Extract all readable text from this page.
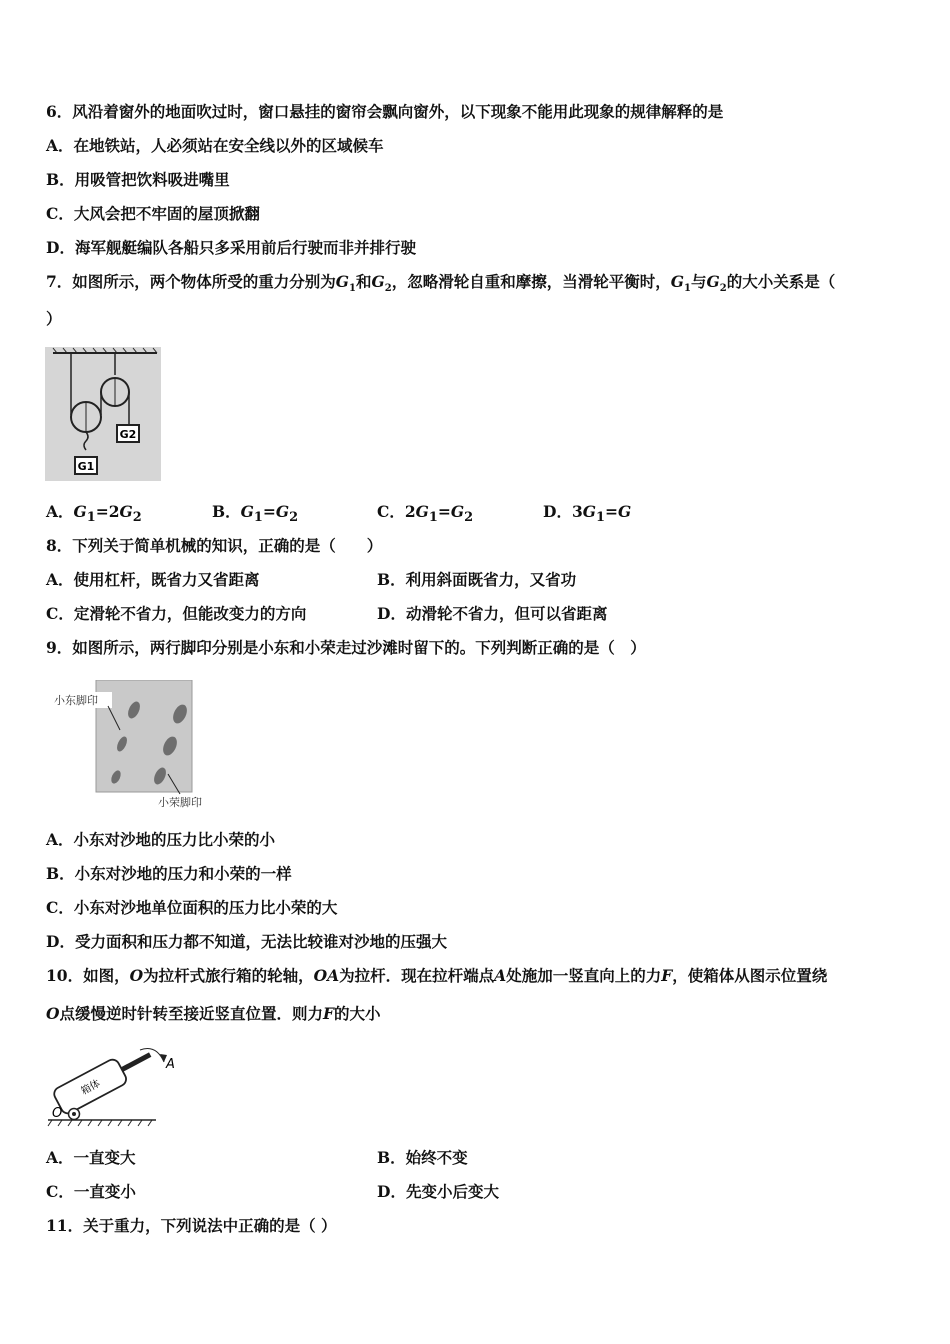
6．风沿着窗外的地面吹过时，窗口悬挂的窗帘会飘向窗外，以下现象不能用此现象的规律解释的是
A．在地铁站，人必须站在安全线以外的区域候车
B．用吸管把饮料吸进嘴里
C．大风会把不牢固的屋顶掀翻
D．海军舰艇编队各船只多采用前后行驶而非并排行驶
7．如图所示，两个物体所受的重力分别为$G_1$和$G_2$，忽略滑轮自重和摩擦，当滑轮平衡时，$G_1$与$G_2$的大小关系是（
）
G1
G2
A．$G_1=2G_2$	B．$G_1=G_2$	C．$2G_1=G_2$	D．$3G_1=G$
8．下列关于简单机械的知识，正确的是（　　）
A．使用杠杆，既省力又省距离	B．利用斜面既省力，又省功
C．定滑轮不省力，但能改变力的方向	D．动滑轮不省力，但可以省距离
9．如图所示，两行脚印分别是小东和小荣走过沙滩时留下的。下列判断正确的是（　）
小东脚印
小荣脚印
A．小东对沙地的压力比小荣的小
B．小东对沙地的压力和小荣的一样
C．小东对沙地单位面积的压力比小荣的大
D．受力面积和压力都不知道，无法比较谁对沙地的压强大
10．如图，O为拉杆式旅行箱的轮轴，OA为拉杆．现在拉杆端点A处施加一竖直向上的力F，使箱体从图示位置绕
O点缓慢逆时针转至接近竖直位置．则力F的大小
箱体
A
O
A．一直变大	B．始终不变
C．一直变小	D．先变小后变大
11．关于重力，下列说法中正确的是（ ）
